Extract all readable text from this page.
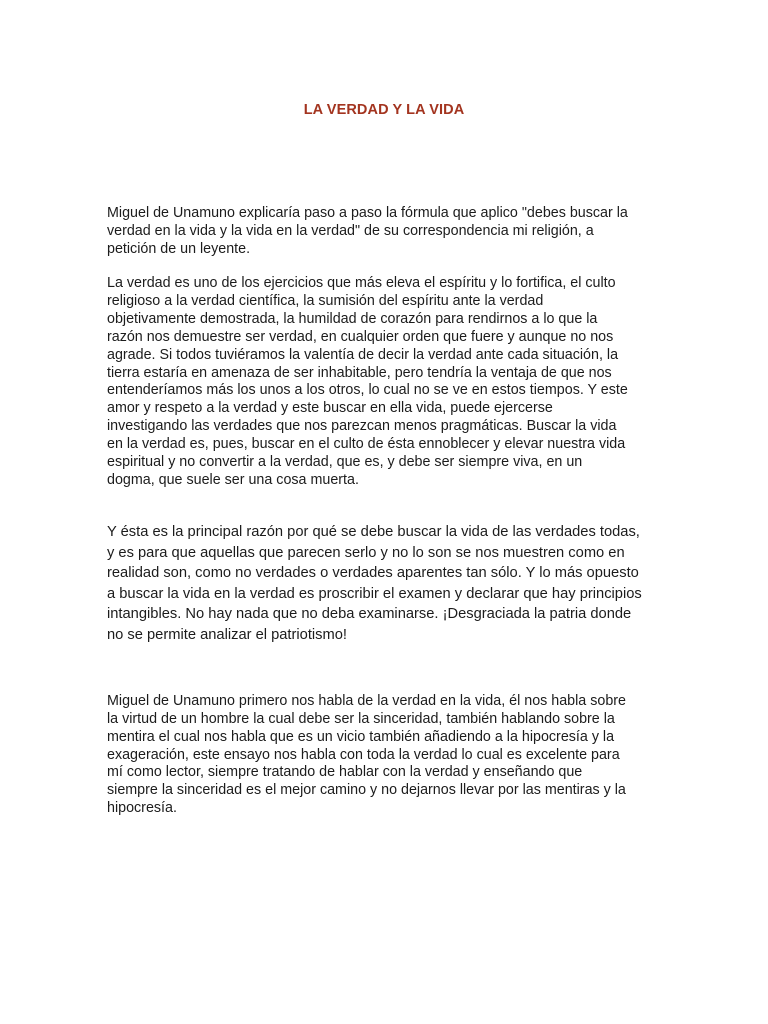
LA VERDAD Y LA VIDA
Miguel de Unamuno explicaría paso a paso la fórmula que aplico "debes buscar la
verdad en la vida y la vida en la verdad" de su correspondencia mi religión, a
petición de un leyente.
La verdad es uno de los ejercicios que más eleva el espíritu y lo fortifica, el culto
religioso a la verdad científica, la sumisión del espíritu ante la verdad
objetivamente demostrada, la humildad de corazón para rendirnos a lo que la
razón nos demuestre ser verdad, en cualquier orden que fuere y aunque no nos
agrade. Si todos tuviéramos la valentía de decir la verdad ante cada situación, la
tierra estaría en amenaza de ser inhabitable, pero tendría la ventaja de que nos
entenderíamos más los unos a los otros, lo cual no se ve en estos tiempos. Y este
amor y respeto a la verdad y este buscar en ella vida, puede ejercerse
investigando las verdades que nos parezcan menos pragmáticas. Buscar la vida
en la verdad es, pues, buscar en el culto de ésta ennoblecer y elevar nuestra vida
espiritual y no convertir a la verdad, que es, y debe ser siempre viva, en un
dogma, que suele ser una cosa muerta.
Y ésta es la principal razón por qué se debe buscar la vida de las verdades todas,
y es para que aquellas que parecen serlo y no lo son se nos muestren como en
realidad son, como no verdades o verdades aparentes tan sólo. Y lo más opuesto
a buscar la vida en la verdad es proscribir el examen y declarar que hay principios
intangibles. No hay nada que no deba examinarse. ¡Desgraciada la patria donde
no se permite analizar el patriotismo!
Miguel de Unamuno primero nos habla de la verdad en la vida, él nos habla sobre
la virtud de un hombre la cual debe ser la sinceridad, también hablando sobre la
mentira el cual nos habla que es un vicio también añadiendo a la hipocresía y la
exageración, este ensayo nos habla con toda la verdad lo cual es excelente para
mí como lector, siempre tratando de hablar con la verdad y enseñando que
siempre la sinceridad es el mejor camino y no dejarnos llevar por las mentiras y la
hipocresía.
